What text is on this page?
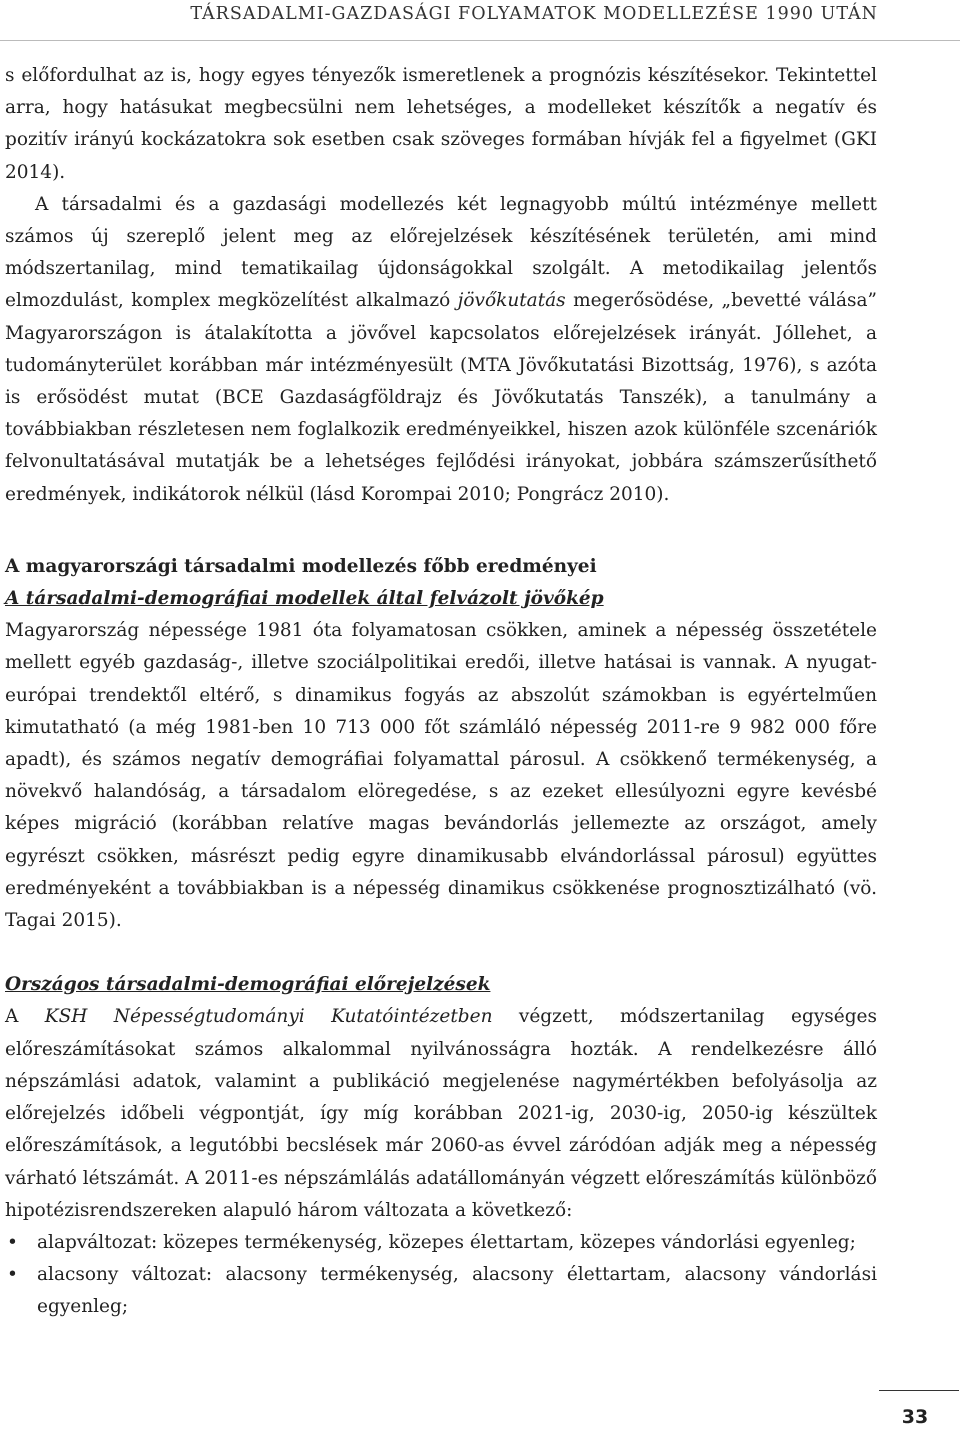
TÁRSADALMI-GAZDASÁGI FOLYAMATOK MODELLEZÉSE 1990 UTÁN

s előfordulhat az is, hogy egyes tényezők ismeretlenek a prognózis készítésekor. Tekintettel arra, hogy hatásukat megbecsülni nem lehetséges, a modelleket készítők a negatív és pozitív irányú kockázatokra sok esetben csak szöveges formában hívják fel a figyelmet (GKI 2014).

A társadalmi és a gazdasági modellezés két legnagyobb múltú intézménye mellett számos új szereplő jelent meg az előrejelzések készítésének területén, ami mind módszertanilag, mind tematikailag újdonságokkal szolgált. A metodikailag jelentős elmozdulást, komplex megközelítést alkalmazó jövőkutatás megerősödése, „bevetté válása” Magyarországon is átalakította a jövővel kapcsolatos előrejelzések irányát. Jóllehet, a tudományterület korábban már intézményesült (MTA Jövőkutatási Bizottság, 1976), s azóta is erősödést mutat (BCE Gazdaságföldrajz és Jövőkutatás Tanszék), a tanulmány a továbbiakban részletesen nem foglalkozik eredményeikkel, hiszen azok különféle szcenáriók felvonultatásával mutatják be a lehetséges fejlődési irányokat, jobbára számszerűsíthető eredmények, indikátorok nélkül (lásd Korompai 2010; Pongrácz 2010).

A magyarországi társadalmi modellezés főbb eredményei

A társadalmi-demográfiai modellek által felvázolt jövőkép

Magyarország népessége 1981 óta folyamatosan csökken, aminek a népesség összetétele mellett egyéb gazdaság-, illetve szociálpolitikai eredői, illetve hatásai is vannak. A nyugat-európai trendektől eltérő, s dinamikus fogyás az abszolút számokban is egyértelműen kimutatható (a még 1981-ben 10 713 000 főt számláló népesség 2011-re 9 982 000 főre apadt), és számos negatív demográfiai folyamattal párosul. A csökkenő termékenység, a növekvő halandóság, a társadalom elöregedése, s az ezeket ellesúlyozni egyre kevésbé képes migráció (korábban relatíve magas bevándorlás jellemezte az országot, amely egyrészt csökken, másrészt pedig egyre dinamikusabb elvándorlással párosul) együttes eredményeként a továbbiakban is a népesség dinamikus csökkenése prognosztizálható (vö. Tagai 2015).

Országos társadalmi-demográfiai előrejelzések

A KSH Népességtudományi Kutatóintézetben végzett, módszertanilag egységes előreszámításokat számos alkalommal nyilvánosságra hozták. A rendelkezésre álló népszámlási adatok, valamint a publikáció megjelenése nagymértékben befolyásolja az előrejelzés időbeli végpontját, így míg korábban 2021-ig, 2030-ig, 2050-ig készültek előreszámítások, a legutóbbi becslések már 2060-as évvel záródóan adják meg a népesség várható létszámát. A 2011-es népszámlálás adatállományán végzett előreszámítás különböző hipotézisrendszereken alapuló három változata a következő:

• alapváltozat: közepes termékenység, közepes élettartam, közepes vándorlási egyenleg;
• alacsony változat: alacsony termékenység, alacsony élettartam, alacsony vándorlási egyenleg;
33
